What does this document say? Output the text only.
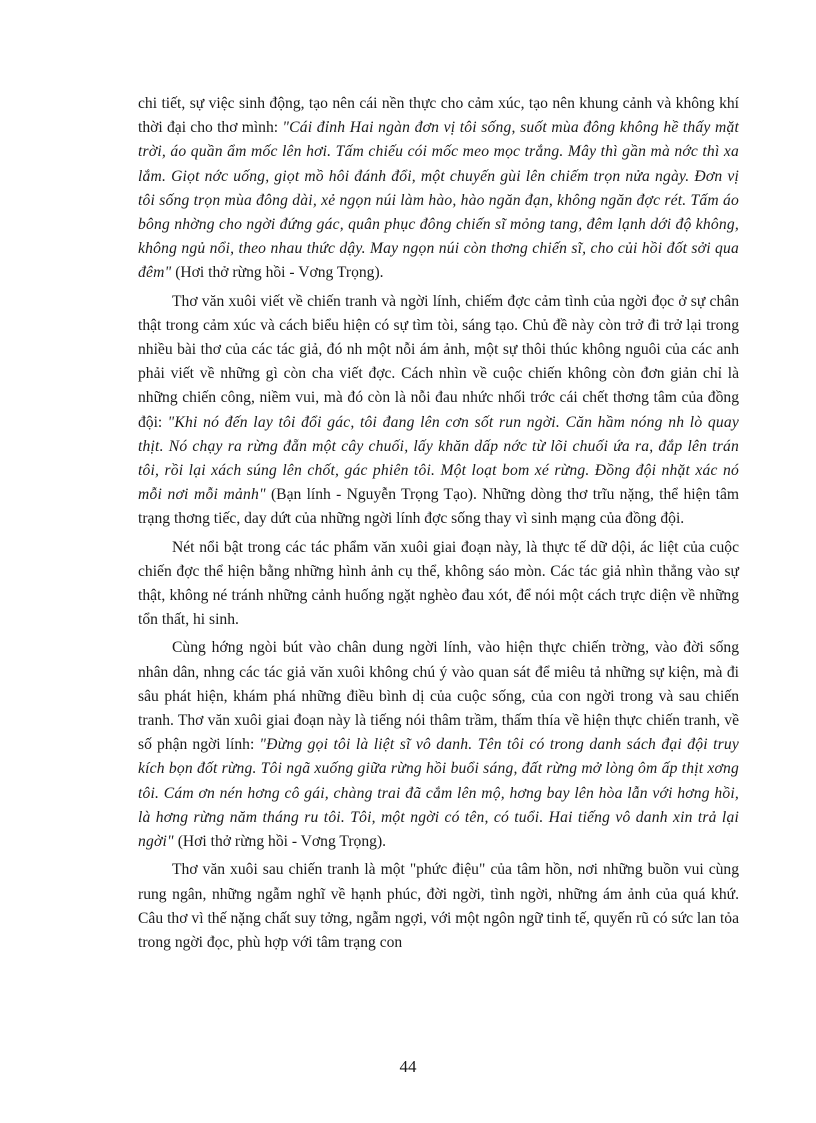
chi tiết, sự việc sinh động, tạo nên cái nền thực cho cảm xúc, tạo nên khung cảnh và không khí thời đại cho thơ mình: "Cái đỉnh Hai ngàn đơn vị tôi sống, suốt mùa đông không hề thấy mặt trời, áo quần ẩm mốc lên hơi. Tấm chiếu cói mốc meo mọc trắng. Mây thì gần mà nớc thì xa lắm. Giọt nớc uống, giọt mồ hôi đánh đổi, một chuyến gùi lên chiếm trọn nửa ngày. Đơn vị tôi sống trọn mùa đông dài, xẻ ngọn núi làm hào, hào ngăn đạn, không ngăn đợc rét. Tấm áo bông nhờng cho ngời đứng gác, quân phục đông chiến sĩ mỏng tang, đêm lạnh dới độ không, không ngủ nổi, theo nhau thức dậy. May ngọn núi còn thơng chiến sĩ, cho củi hồi đốt sởi qua đêm" (Hơi thở rừng hồi - Vơng Trọng).

Thơ văn xuôi viết về chiến tranh và ngời lính, chiếm đợc cảm tình của ngời đọc ở sự chân thật trong cảm xúc và cách biểu hiện có sự tìm tòi, sáng tạo. Chủ đề này còn trở đi trở lại trong nhiều bài thơ của các tác giả, đó nh một nỗi ám ảnh, một sự thôi thúc không nguôi của các anh phải viết về những gì còn cha viết đợc. Cách nhìn về cuộc chiến không còn đơn giản chỉ là những chiến công, niềm vui, mà đó còn là nỗi đau nhức nhối trớc cái chết thơng tâm của đồng đội: "Khi nó đến lay tôi đổi gác, tôi đang lên cơn sốt run ngời. Căn hầm nóng nh lò quay thịt. Nó chạy ra rừng đẵn một cây chuối, lấy khăn dấp nớc từ lõi chuối ứa ra, đắp lên trán tôi, rồi lại xách súng lên chốt, gác phiên tôi. Một loạt bom xé rừng. Đồng đội nhặt xác nó mỗi nơi mỗi mảnh" (Bạn lính - Nguyễn Trọng Tạo). Những dòng thơ trĩu nặng, thể hiện tâm trạng thơng tiếc, day dứt của những ngời lính đợc sống thay vì sinh mạng của đồng đội.

Nét nổi bật trong các tác phẩm văn xuôi giai đoạn này, là thực tế dữ dội, ác liệt của cuộc chiến đợc thể hiện bằng những hình ảnh cụ thể, không sáo mòn. Các tác giả nhìn thẳng vào sự thật, không né tránh những cảnh huống ngặt nghèo đau xót, để nói một cách trực diện về những tổn thất, hi sinh.

Cùng hớng ngòi bút vào chân dung ngời lính, vào hiện thực chiến trờng, vào đời sống nhân dân, nhng các tác giả văn xuôi không chú ý vào quan sát để miêu tả những sự kiện, mà đi sâu phát hiện, khám phá những điều bình dị của cuộc sống, của con ngời trong và sau chiến tranh. Thơ văn xuôi giai đoạn này là tiếng nói thâm trầm, thấm thía về hiện thực chiến tranh, về số phận ngời lính: "Đừng gọi tôi là liệt sĩ vô danh. Tên tôi có trong danh sách đại đội truy kích bọn đốt rừng. Tôi ngã xuống giữa rừng hồi buổi sáng, đất rừng mở lòng ôm ấp thịt xơng tôi. Cám ơn nén hơng cô gái, chàng trai đã cắm lên mộ, hơng bay lên hòa lẫn với hơng hồi, là hơng rừng năm tháng ru tôi. Tôi, một ngời có tên, có tuổi. Hai tiếng vô danh xin trả lại ngời" (Hơi thở rừng hồi - Vơng Trọng).

Thơ văn xuôi sau chiến tranh là một "phức điệu" của tâm hồn, nơi những buồn vui cùng rung ngân, những ngẫm nghĩ về hạnh phúc, đời ngời, tình ngời, những ám ảnh của quá khứ. Câu thơ vì thế nặng chất suy tởng, ngẫm ngợi, với một ngôn ngữ tinh tế, quyến rũ có sức lan tỏa trong ngời đọc, phù hợp với tâm trạng con

44
